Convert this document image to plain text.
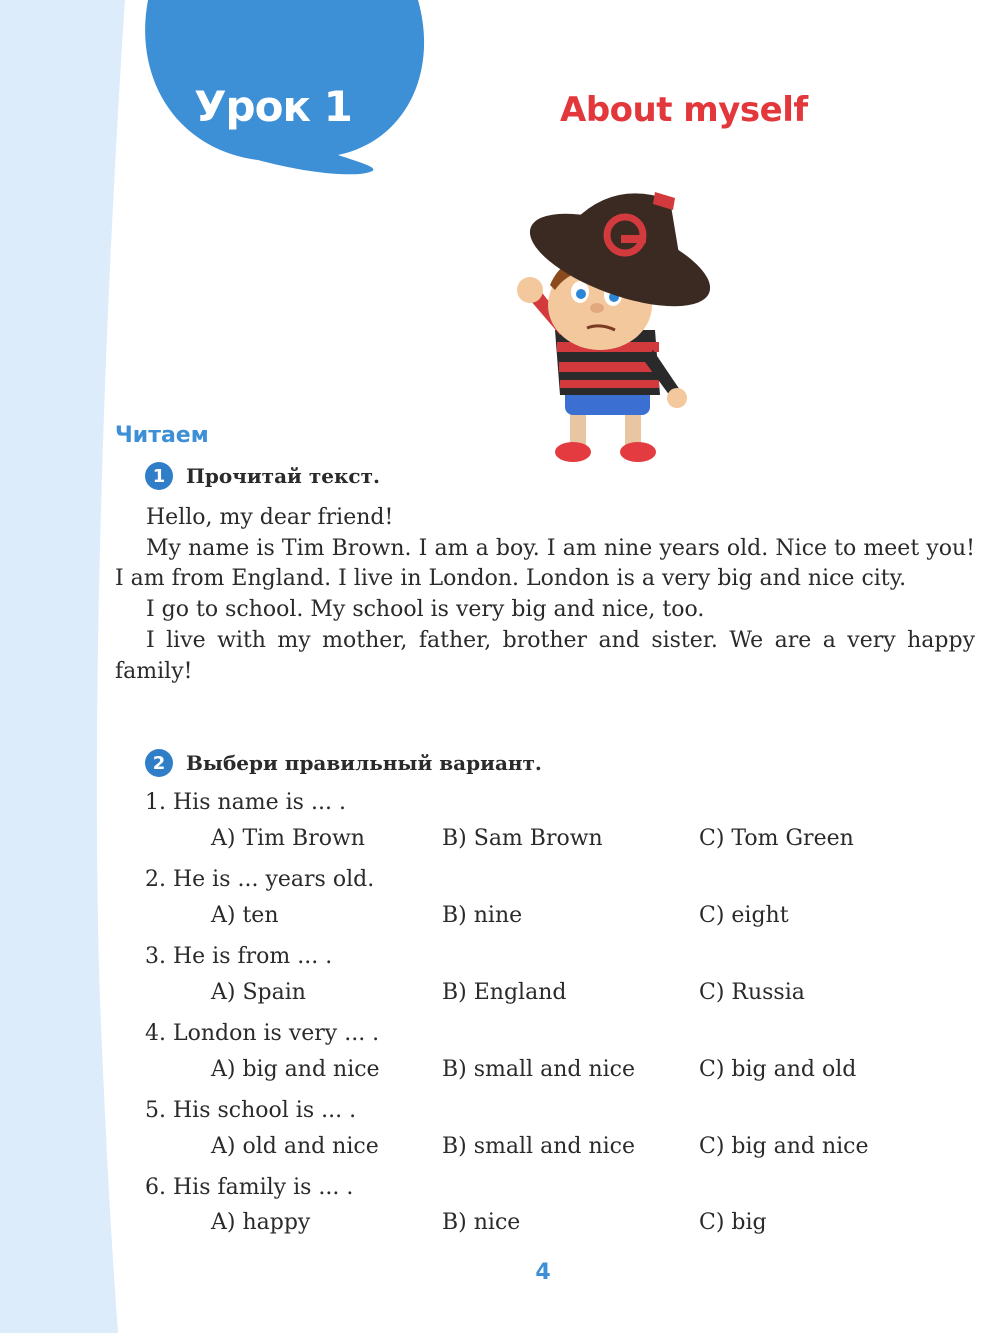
Урок 1	About myself
Читаем
1	Прочитай текст.

Hello, my dear friend!

My name is Tim Brown. I am a boy. I am nine years old. Nice to meet you! I am from England. I live in London. London is a very big and nice city.

I go to school. My school is very big and nice, too.

I live with my mother, father, brother and sister. We are a very happy family!

2	Выбери правильный вариант.
1. His name is ... .
A) Tim Brown	B) Sam Brown	C) Tom Green
2. He is ... years old.
A) ten	B) nine	C) eight
3. He is from ... .
A) Spain	B) England	C) Russia
4. London is very ... .
A) big and nice	B) small and nice	C) big and old
5. His school is ... .
A) old and nice	B) small and nice	C) big and nice
6. His family is ... .
A) happy	B) nice	C) big
4
